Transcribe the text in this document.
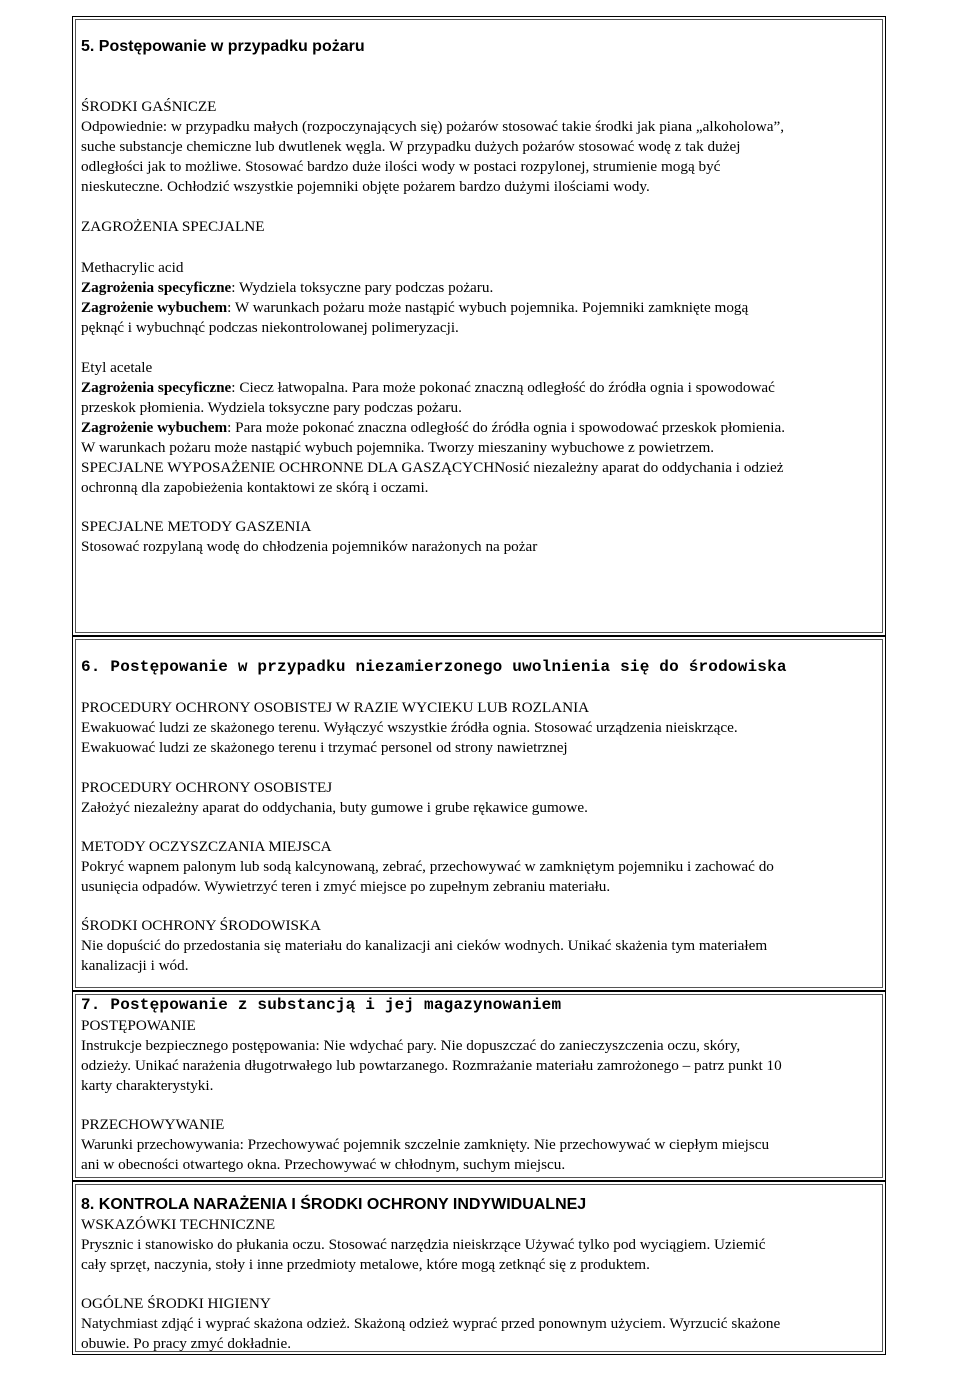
5. Postępowanie w przypadku pożaru
ŚRODKI GAŚNICZE
Odpowiednie: w przypadku małych (rozpoczynających się) pożarów stosować takie środki jak piana „alkoholowa”,
suche substancje chemiczne lub dwutlenek węgla. W przypadku dużych pożarów stosować wodę z tak dużej
odległości jak to możliwe. Stosować bardzo duże ilości wody w postaci rozpylonej, strumienie mogą być
nieskuteczne. Ochłodzić wszystkie pojemniki objęte pożarem bardzo dużymi ilościami wody.
ZAGROŻENIA SPECJALNE
Methacrylic acid

Zagrożenia specyficzne: Wydziela toksyczne pary podczas pożaru.

Zagrożenie wybuchem: W warunkach pożaru może nastąpić wybuch pojemnika. Pojemniki zamknięte mogą

pęknąć i wybuchnąć podczas niekontrolowanej polimeryzacji.
Etyl acetale

Zagrożenia specyficzne: Ciecz łatwopalna. Para może pokonać znaczną odległość do źródła ognia i spowodować

przeskok płomienia. Wydziela toksyczne pary podczas pożaru.

Zagrożenie wybuchem: Para może pokonać znaczna odległość do źródła ognia i spowodować przeskok płomienia.

W warunkach pożaru może nastąpić wybuch pojemnika. Tworzy mieszaniny wybuchowe z powietrzem.
SPECJALNE WYPOSAŻENIE OCHRONNE DLA GASZĄCYCHNosić niezależny aparat do oddychania i odzież
ochronną dla zapobieżenia kontaktowi ze skórą i oczami.
SPECJALNE METODY GASZENIA
Stosować rozpylaną wodę do chłodzenia pojemników narażonych na pożar
6. Postępowanie w przypadku niezamierzonego uwolnienia się do środowiska
PROCEDURY OCHRONY OSOBISTEJ W RAZIE WYCIEKU LUB ROZLANIA
Ewakuować ludzi ze skażonego terenu. Wyłączyć wszystkie źródła ognia. Stosować urządzenia nieiskrzące.
Ewakuować ludzi ze skażonego terenu i trzymać personel od strony nawietrznej
PROCEDURY OCHRONY OSOBISTEJ
Założyć niezależny aparat do oddychania, buty gumowe i grube rękawice gumowe.
METODY OCZYSZCZANIA MIEJSCA
Pokryć wapnem palonym lub sodą kalcynowaną, zebrać, przechowywać w zamkniętym pojemniku i zachować do
usunięcia odpadów. Wywietrzyć teren i zmyć miejsce po zupełnym zebraniu materiału.
ŚRODKI OCHRONY ŚRODOWISKA
Nie dopuścić do przedostania się materiału do kanalizacji ani cieków wodnych. Unikać skażenia tym materiałem
kanalizacji i wód.
7. Postępowanie z substancją i jej magazynowaniem
POSTĘPOWANIE
Instrukcje bezpiecznego postępowania: Nie wdychać pary. Nie dopuszczać do zanieczyszczenia oczu, skóry,
odzieży. Unikać narażenia długotrwałego lub powtarzanego. Rozmrażanie materiału zamrożonego – patrz punkt 10
karty charakterystyki.
PRZECHOWYWANIE
Warunki przechowywania: Przechowywać pojemnik szczelnie zamknięty. Nie przechowywać w ciepłym miejscu
ani w obecności otwartego okna. Przechowywać w chłodnym, suchym miejscu.
8. KONTROLA NARAŻENIA I ŚRODKI OCHRONY INDYWIDUALNEJ
WSKAZÓWKI TECHNICZNE
Prysznic i stanowisko do płukania oczu. Stosować narzędzia nieiskrzące Używać tylko pod wyciągiem. Uziemić
cały sprzęt, naczynia, stoły i inne przedmioty metalowe, które mogą zetknąć się z produktem.
OGÓLNE ŚRODKI HIGIENY
Natychmiast zdjąć i wyprać skażona odzież. Skażoną odzież wyprać przed ponownym użyciem. Wyrzucić skażone
obuwie. Po pracy zmyć dokładnie.
